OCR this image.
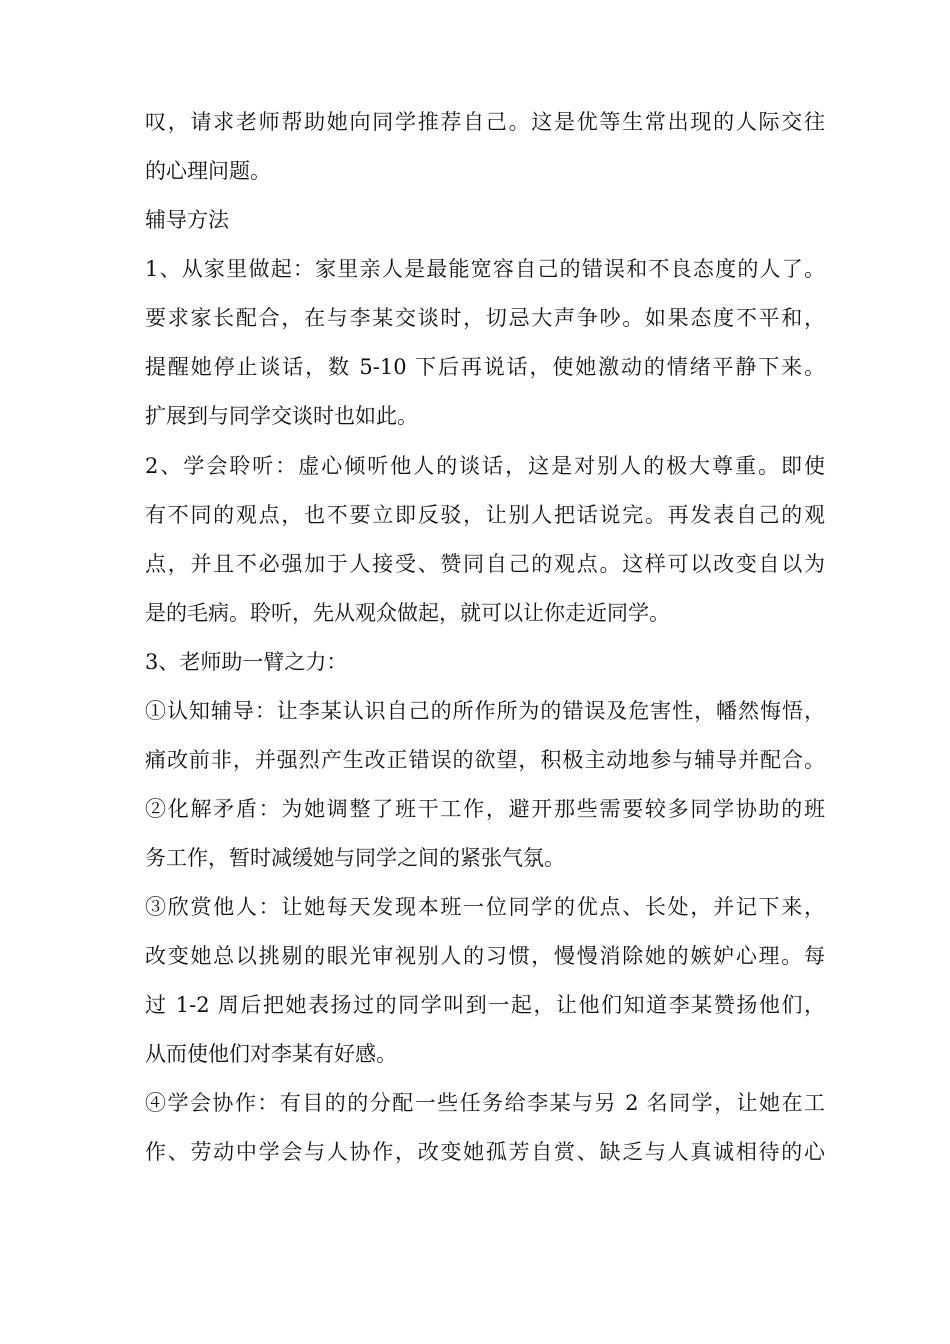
叹，请求老师帮助她向同学推荐自己。这是优等生常出现的人际交往
的心理问题。
辅导方法
1、从家里做起：家里亲人是最能宽容自己的错误和不良态度的人了。
要求家长配合，在与李某交谈时，切忌大声争吵。如果态度不平和，
提醒她停止谈话，数 5-10 下后再说话，使她激动的情绪平静下来。
扩展到与同学交谈时也如此。
2、学会聆听：虚心倾听他人的谈话，这是对别人的极大尊重。即使
有不同的观点，也不要立即反驳，让别人把话说完。再发表自己的观
点，并且不必强加于人接受、赞同自己的观点。这样可以改变自以为
是的毛病。聆听，先从观众做起，就可以让你走近同学。
3、老师助一臂之力：
①认知辅导：让李某认识自己的所作所为的错误及危害性，幡然悔悟，
痛改前非，并强烈产生改正错误的欲望，积极主动地参与辅导并配合。
②化解矛盾：为她调整了班干工作，避开那些需要较多同学协助的班
务工作，暂时减缓她与同学之间的紧张气氛。
③欣赏他人：让她每天发现本班一位同学的优点、长处，并记下来，
改变她总以挑剔的眼光审视别人的习惯，慢慢消除她的嫉妒心理。每
过 1-2 周后把她表扬过的同学叫到一起，让他们知道李某赞扬他们，
从而使他们对李某有好感。
④学会协作：有目的的分配一些任务给李某与另 2 名同学，让她在工
作、劳动中学会与人协作，改变她孤芳自赏、缺乏与人真诚相待的心
